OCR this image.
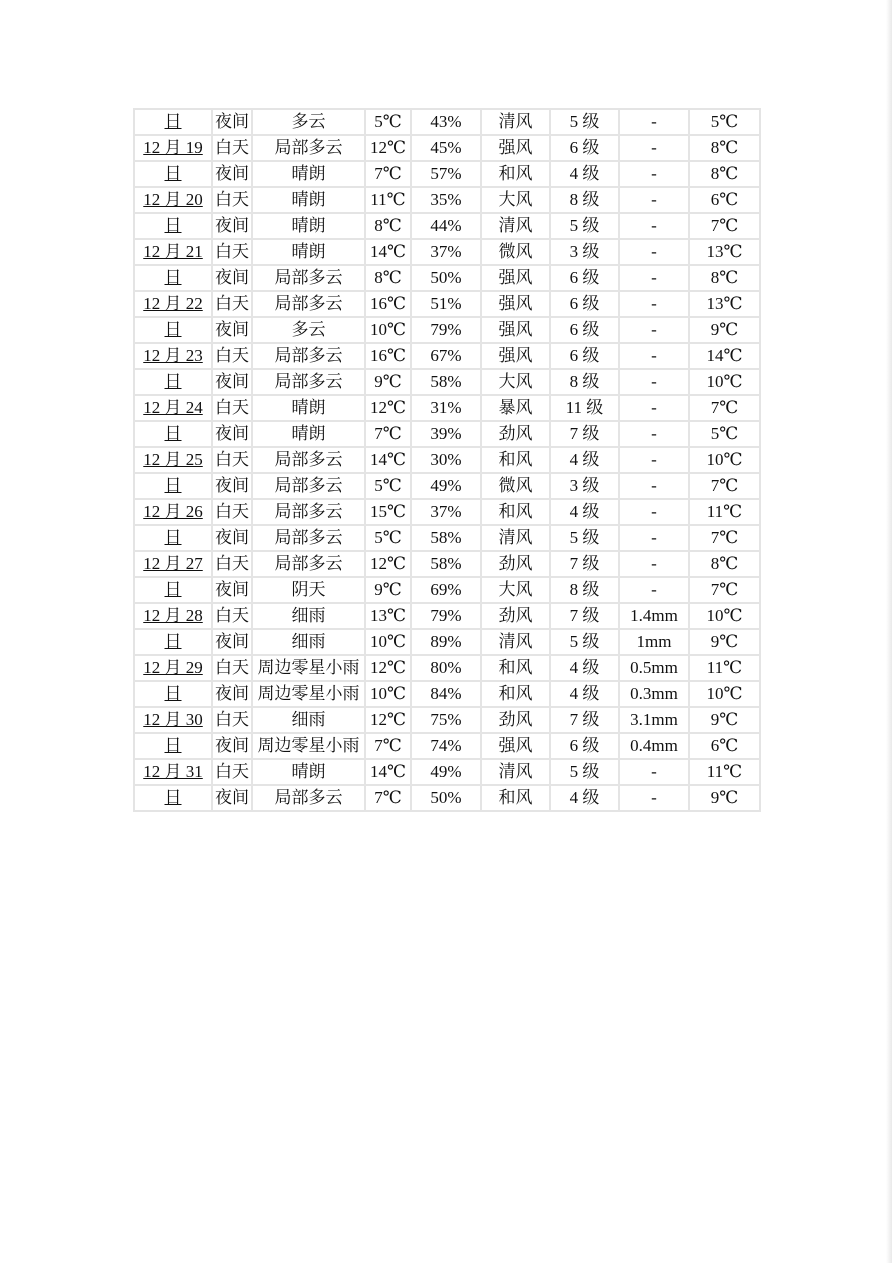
日	夜间	多云	5℃	43%	清风	5 级	-	5℃
12 月 19	白天	局部多云	12℃	45%	强风	6 级	-	8℃
日	夜间	晴朗	7℃	57%	和风	4 级	-	8℃
12 月 20	白天	晴朗	11℃	35%	大风	8 级	-	6℃
日	夜间	晴朗	8℃	44%	清风	5 级	-	7℃
12 月 21	白天	晴朗	14℃	37%	微风	3 级	-	13℃
日	夜间	局部多云	8℃	50%	强风	6 级	-	8℃
12 月 22	白天	局部多云	16℃	51%	强风	6 级	-	13℃
日	夜间	多云	10℃	79%	强风	6 级	-	9℃
12 月 23	白天	局部多云	16℃	67%	强风	6 级	-	14℃
日	夜间	局部多云	9℃	58%	大风	8 级	-	10℃
12 月 24	白天	晴朗	12℃	31%	暴风	11 级	-	7℃
日	夜间	晴朗	7℃	39%	劲风	7 级	-	5℃
12 月 25	白天	局部多云	14℃	30%	和风	4 级	-	10℃
日	夜间	局部多云	5℃	49%	微风	3 级	-	7℃
12 月 26	白天	局部多云	15℃	37%	和风	4 级	-	11℃
日	夜间	局部多云	5℃	58%	清风	5 级	-	7℃
12 月 27	白天	局部多云	12℃	58%	劲风	7 级	-	8℃
日	夜间	阴天	9℃	69%	大风	8 级	-	7℃
12 月 28	白天	细雨	13℃	79%	劲风	7 级	1.4mm	10℃
日	夜间	细雨	10℃	89%	清风	5 级	1mm	9℃
12 月 29	白天	周边零星小雨	12℃	80%	和风	4 级	0.5mm	11℃
日	夜间	周边零星小雨	10℃	84%	和风	4 级	0.3mm	10℃
12 月 30	白天	细雨	12℃	75%	劲风	7 级	3.1mm	9℃
日	夜间	周边零星小雨	7℃	74%	强风	6 级	0.4mm	6℃
12 月 31	白天	晴朗	14℃	49%	清风	5 级	-	11℃
日	夜间	局部多云	7℃	50%	和风	4 级	-	9℃
